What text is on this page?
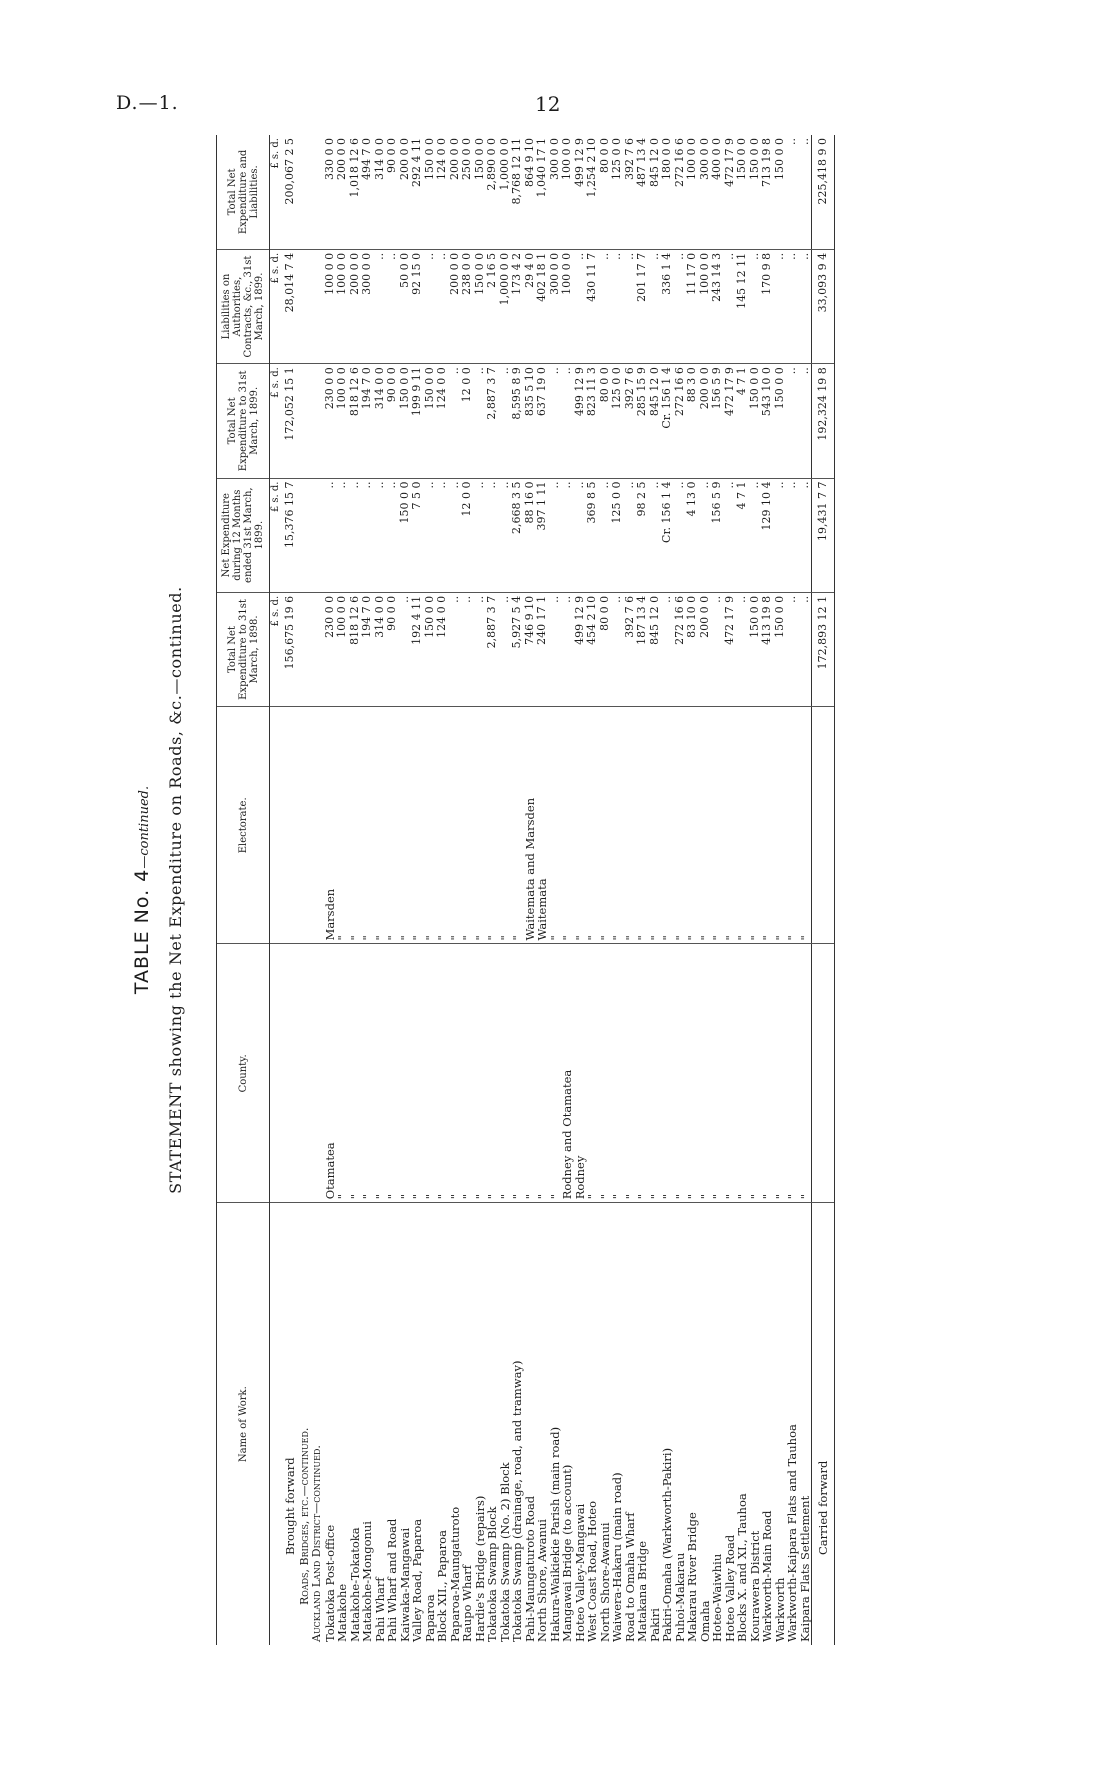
D.—1.	12
TABLE No. 4—continued. STATEMENT showing the Net Expenditure on Roads, &c.—continued.
Name of Work.	County.	Electorate.	Total Net Expenditure to 31st March, 1898.	Net Expenditure during 12 Months ended 31st March, 1899.	Total Net Expenditure to 31st March, 1899.	Liabilities on Authorities, Contracts, &c., 31st March, 1899.	Total Net Expenditure and Liabilities.
			£ s. d.	£ s. d.	£ s. d.	£ s. d.	£ s. d.
Brought forward			156,675 19 6	15,376 15 7	172,052 15 1	28,014 7 4	200,067 2 5
Roads, Bridges, etc.—continued.							
Auckland Land District—continued.							
Tokatoka Post-office	Otamatea	Marsden	230 0 0	..	230 0 0	100 0 0	330 0 0
Matakohe	"	"	100 0 0	..	100 0 0	100 0 0	200 0 0
Matakohe-Tokatoka	"	"	818 12 6	..	818 12 6	200 0 0	1,018 12 6
Matakohe-Mongonui	"	"	194 7 0	..	194 7 0	300 0 0	494 7 0
Pahi Wharf	"	"	314 0 0	..	314 0 0	..	314 0 0
Pahi Wharf and Road	"	"	90 0 0	..	90 0 0	..	90 0 0
Kaiwaka-Mangawai	"	"	..	150 0 0	150 0 0	50 0 0	200 0 0
Valley Road, Paparoa	"	"	192 4 11	7 5 0	199 9 11	92 15 0	292 4 11
Paparoa	"	"	150 0 0	..	150 0 0	..	150 0 0
Block XII., Paparoa	"	"	124 0 0	..	124 0 0	..	124 0 0
Paparoa-Maungaturoto	"	"	..	..	..	200 0 0	200 0 0
Raupo Wharf	"	"	..	12 0 0	12 0 0	238 0 0	250 0 0
Hardie's Bridge (repairs)	"	"	..	..	..	150 0 0	150 0 0
Tokatoka Swamp Block	"	"	2,887 3 7	..	2,887 3 7	2 16 5	2,890 0 0
Tokatoka Swamp (No. 2) Block	"	"	..	..	..	1,000 0 0	1,000 0 0
Tokatoka Swamp (drainage, road, and tramway)	"	"	5,927 5 4	2,668 3 5	8,595 8 9	173 4 2	8,768 12 11
Pahi-Maungaturoto Road	"	Waitemata and Marsden	746 9 10	88 16 0	835 5 10	29 4 0	864 9 10
North Shore, Awanui	"	Waitemata	240 17 1	397 1 11	637 19 0	402 18 1	1,040 17 1
Hakura-Waikiekie Parish (main road)	"	"	..	..	..	300 0 0	300 0 0
Mangawai Bridge (to account)	Rodney and Otamatea	"	..	..	..	100 0 0	100 0 0
Hoteo Valley-Mangawai	Rodney	"	499 12 9	..	499 12 9	..	499 12 9
West Coast Road, Hoteo	"	"	454 2 10	369 8 5	823 11 3	430 11 7	1,254 2 10
North Shore-Awanui	"	"	80 0 0	..	80 0 0	..	80 0 0
Waiwera-Hakaru (main road)	"	"	..	125 0 0	125 0 0	..	125 0 0
Road to Omaha Wharf	"	"	392 7 6	..	392 7 6	..	392 7 6
Matakana Bridge	"	"	187 13 4	98 2 5	285 15 9	201 17 7	487 13 4
Pakiri	"	"	845 12 0	..	845 12 0	..	845 12 0
Pakiri-Omaha (Warkworth-Pakiri)	"	"	..	Cr. 156 1 4	Cr. 156 1 4	336 1 4	180 0 0
Puhoi-Makarau	"	"	272 16 6	..	272 16 6	..	272 16 6
Makarau River Bridge	"	"	83 10 0	4 13 0	88 3 0	11 17 0	100 0 0
Omaha	"	"	200 0 0	..	200 0 0	100 0 0	300 0 0
Hoteo-Waiwhiu	"	"	..	156 5 9	156 5 9	243 14 3	400 0 0
Hoteo Valley Road	"	"	472 17 9	..	472 17 9	..	472 17 9
Blocks X. and XI., Tauhoa	"	"	..	4 7 1	4 7 1	145 12 11	150 0 0
Kourawera District	"	"	150 0 0	..	150 0 0	..	150 0 0
Warkworth-Main Road	"	"	413 19 8	129 10 4	543 10 0	170 9 8	713 19 8
Warkworth	"	"	150 0 0	..	150 0 0	..	150 0 0
Warkworth-Kaipara Flats and Tauhoa	"	"	..	..	..	..	..
Kaipara Flats Settlement	"	"	..	..	..	..	..
Carried forward			172,893 12 1	19,431 7 7	192,324 19 8	33,093 9 4	225,418 9 0
